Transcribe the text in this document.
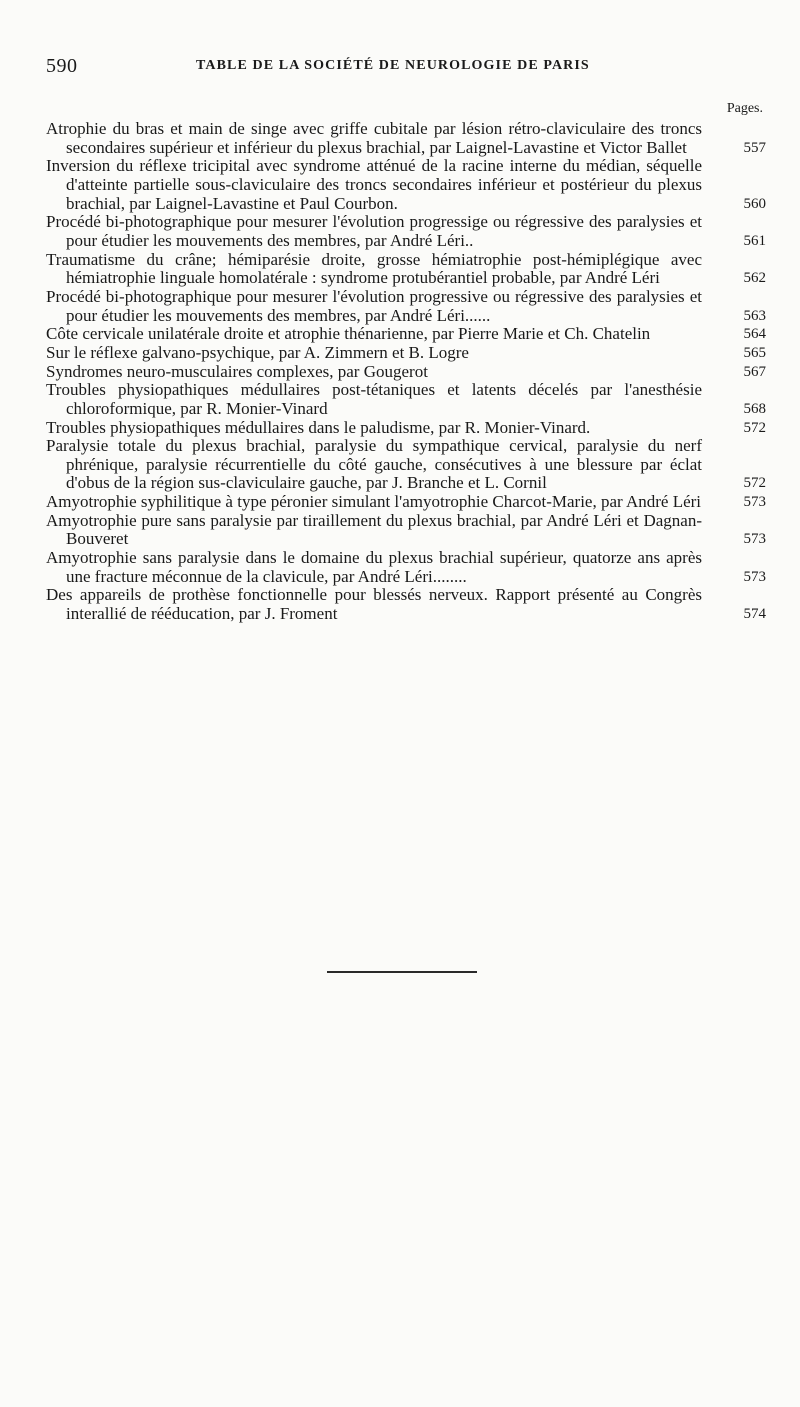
590	TABLE DE LA SOCIÉTÉ DE NEUROLOGIE DE PARIS
Pages.
Atrophie du bras et main de singe avec griffe cubitale par lésion rétro-claviculaire des troncs secondaires supérieur et inférieur du plexus brachial, par Laignel-Lavastine et Victor Ballet	557
Inversion du réflexe tricipital avec syndrome atténué de la racine interne du médian, séquelle d'atteinte partielle sous-claviculaire des troncs secondaires inférieur et postérieur du plexus brachial, par Laignel-Lavastine et Paul Courbon.	560
Procédé bi-photographique pour mesurer l'évolution progressige ou régressive des paralysies et pour étudier les mouvements des membres, par André Léri..	561
Traumatisme du crâne; hémiparésie droite, grosse hémiatrophie post-hémiplégique avec hémiatrophie linguale homolatérale : syndrome protubérantiel probable, par André Léri	562
Procédé bi-photographique pour mesurer l'évolution progressive ou régressive des paralysies et pour étudier les mouvements des membres, par André Léri......	563
Côte cervicale unilatérale droite et atrophie thénarienne, par Pierre Marie et Ch. Chatelin	564
Sur le réflexe galvano-psychique, par A. Zimmern et B. Logre	565
Syndromes neuro-musculaires complexes, par Gougerot	567
Troubles physiopathiques médullaires post-tétaniques et latents décelés par l'anesthésie chloroformique, par R. Monier-Vinard	568
Troubles physiopathiques médullaires dans le paludisme, par R. Monier-Vinard.	572
Paralysie totale du plexus brachial, paralysie du sympathique cervical, paralysie du nerf phrénique, paralysie récurrentielle du côté gauche, consécutives à une blessure par éclat d'obus de la région sus-claviculaire gauche, par J. Branche et L. Cornil	572
Amyotrophie syphilitique à type péronier simulant l'amyotrophie Charcot-Marie, par André Léri	573
Amyotrophie pure sans paralysie par tiraillement du plexus brachial, par André Léri et Dagnan-Bouveret	573
Amyotrophie sans paralysie dans le domaine du plexus brachial supérieur, quatorze ans après une fracture méconnue de la clavicule, par André Léri........	573
Des appareils de prothèse fonctionnelle pour blessés nerveux. Rapport présenté au Congrès interallié de rééducation, par J. Froment	574
